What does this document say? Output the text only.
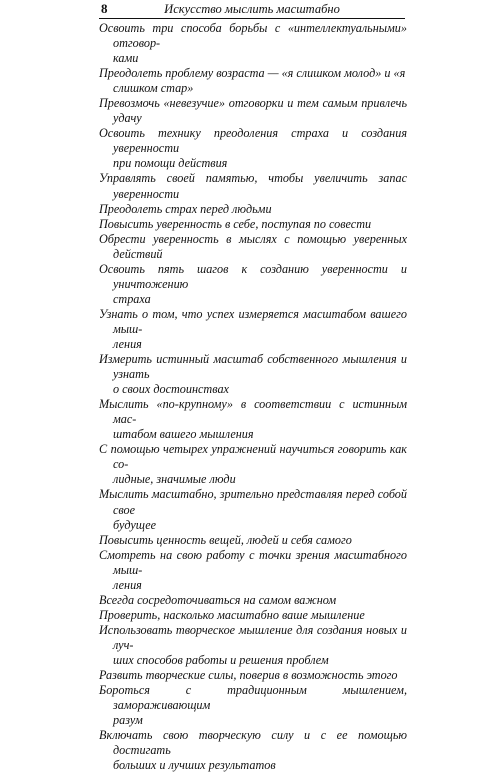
8	Искусство мыслить масштабно
Освоить три способа борьбы с «интеллектуальными» отговор-
ками
Преодолеть проблему возраста — «я слишком молод» и «я
слишком стар»
Превозмочь «невезучие» отговорки и тем самым привлечь удачу
Освоить технику преодоления страха и создания уверенности
при помощи действия
Управлять своей памятью, чтобы увеличить запас уверенности
Преодолеть страх перед людьми
Повысить уверенность в себе, поступая по совести
Обрести уверенность в мыслях с помощью уверенных действий
Освоить пять шагов к созданию уверенности и уничтожению
страха
Узнать о том, что успех измеряется масштабом вашего мыш-
ления
Измерить истинный масштаб собственного мышления и узнать
о своих достоинствах
Мыслить «по-крупному» в соответствии с истинным мас-
штабом вашего мышления
С помощью четырех упражнений научиться говорить как со-
лидные, значимые люди
Мыслить масштабно, зрительно представляя перед собой свое
будущее
Повысить ценность вещей, людей и себя самого
Смотреть на свою работу с точки зрения масштабного мыш-
ления
Всегда сосредоточиваться на самом важном
Проверить, насколько масштабно ваше мышление
Использовать творческое мышление для создания новых и луч-
ших способов работы и решения проблем
Развить творческие силы, поверив в возможность этого
Бороться с традиционным мышлением, замораживающим
разум
Включать свою творческую силу и с ее помощью достигать
больших и лучших результатов
